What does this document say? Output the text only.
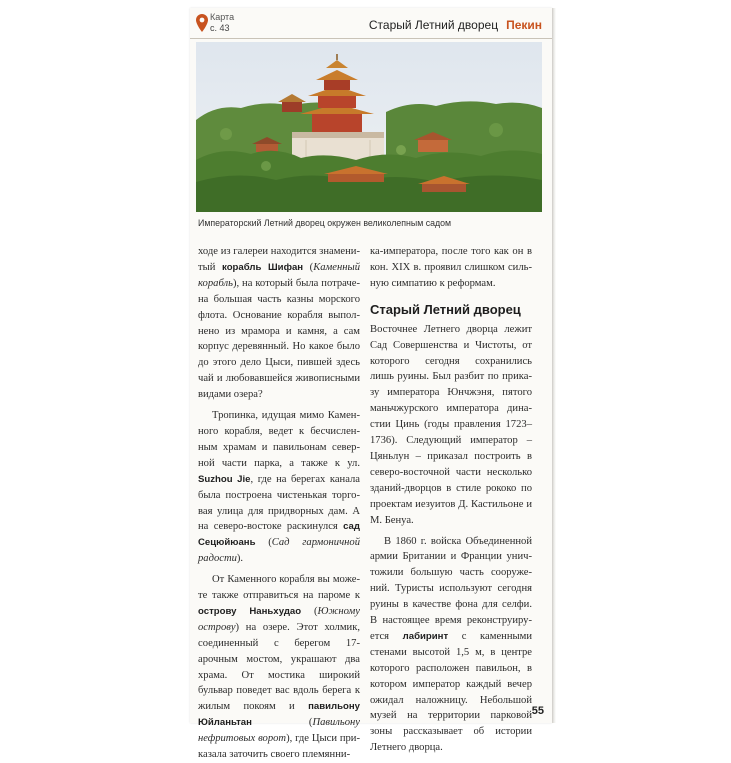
Карта
с. 43	Старый Летний дворец Пекин
Императорский Летний дворец окружен великолепным садом

ходе из галереи находится знаменитый корабль Шифан (Каменный корабль), на который была потрачена большая часть казны морского флота. Основание корабля выполнено из мрамора и камня, а сам корпус деревянный. Но какое было до этого дело Цыси, пившей здесь чай и любовавшейся живописными видами озера?

Тропинка, идущая мимо Каменного корабля, ведет к бесчисленным храмам и павильонам северной части парка, а также к ул. Suzhou Jie, где на берегах канала была построена чистенькая торговая улица для придворных дам. А на северо-востоке раскинулся сад Сецюйюань (Сад гармоничной радости).

От Каменного корабля вы можете также отправиться на пароме к острову Наньхудао (Южному острову) на озере. Этот холмик, соединенный с берегом 17-арочным мостом, украшают два храма. От мостика широкий бульвар поведет вас вдоль берега к жилым покоям и павильону Юйланьтан (Павильону нефритовых ворот), где Цыси приказала заточить своего племянни-

ка-императора, после того как он в кон. XIX в. проявил слишком сильную симпатию к реформам.

Старый Летний дворец

Восточнее Летнего дворца лежит Сад Совершенства и Чистоты, от которого сегодня сохранились лишь руины. Был разбит по приказу императора Юнчжэня, пятого маньчжурского императора династии Цинь (годы правления 1723–1736). Следующий император – Цяньлун – приказал построить в северо-восточной части несколько зданий-дворцов в стиле рококо по проектам иезуитов Д. Кастильоне и М. Бенуа.

В 1860 г. войска Объединенной армии Британии и Франции уничтожили большую часть сооружений. Туристы используют сегодня руины в качестве фона для селфи. В настоящее время реконструируется лабиринт с каменными стенами высотой 1,5 м, в центре которого расположен павильон, в котором император каждый вечер ожидал наложницу. Небольшой музей на территории парковой зоны рассказывает об истории Летнего дворца.

55
